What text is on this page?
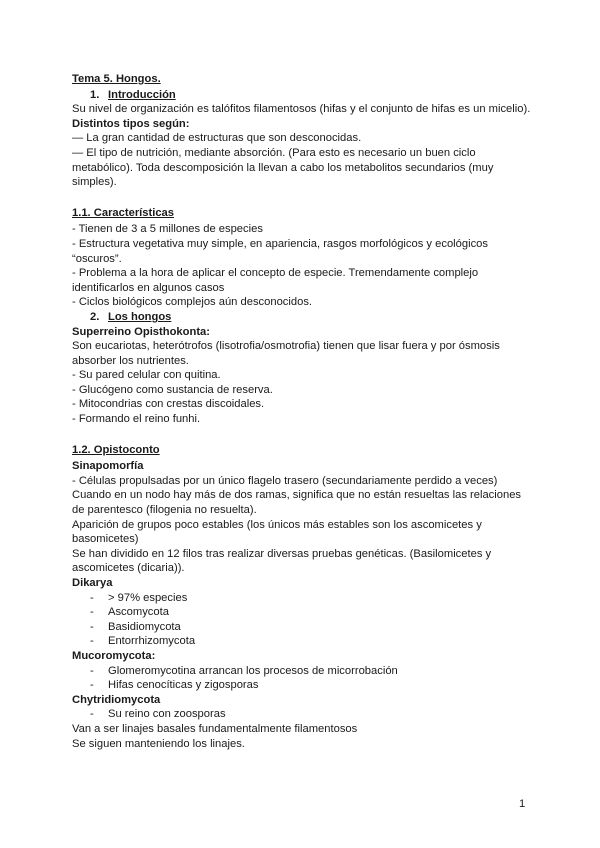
Tema 5. Hongos.
1. Introducción
Su nivel de organización es talófitos filamentosos (hifas y el conjunto de hifas es un micelio).
Distintos tipos según:
— La gran cantidad de estructuras que son desconocidas.
— El tipo de nutrición, mediante absorción. (Para esto es necesario un buen ciclo
metabólico). Toda descomposición la llevan a cabo los metabolitos secundarios (muy
simples).
1.1. Características
- Tienen de 3 a 5 millones de especies
- Estructura vegetativa muy simple, en apariencia, rasgos morfológicos y ecológicos
“oscuros”.
- Problema a la hora de aplicar el concepto de especie. Tremendamente complejo
identificarlos en algunos casos
- Ciclos biológicos complejos aún desconocidos.
2. Los hongos
Superreino Opisthokonta:
Son eucariotas, heterótrofos (lisotrofia/osmotrofia) tienen que lisar fuera y por ósmosis
absorber los nutrientes.
- Su pared celular con quitina.
- Glucógeno como sustancia de reserva.
- Mitocondrias con crestas discoidales.
- Formando el reino funhi.
1.2. Opistoconto
Sinapomorfía
- Células propulsadas por un único flagelo trasero (secundariamente perdido a veces)
Cuando en un nodo hay más de dos ramas, significa que no están resueltas las relaciones
de parentesco (filogenia no resuelta).
Aparición de grupos poco estables (los únicos más estables son los ascomicetes y
basomicetes)
Se han dividido en 12 filos tras realizar diversas pruebas genéticas. (Basilomicetes y
ascomicetes (dicaria)).
Dikarya
- > 97% especies
- Ascomycota
- Basidiomycota
- Entorrhizomycota
Mucoromycota:
- Glomeromycotina arrancan los procesos de micorrobación
- Hifas cenocíticas y zigosporas
Chytridiomycota
- Su reino con zoosporas
Van a ser linajes basales fundamentalmente filamentosos
Se siguen manteniendo los linajes.
1
